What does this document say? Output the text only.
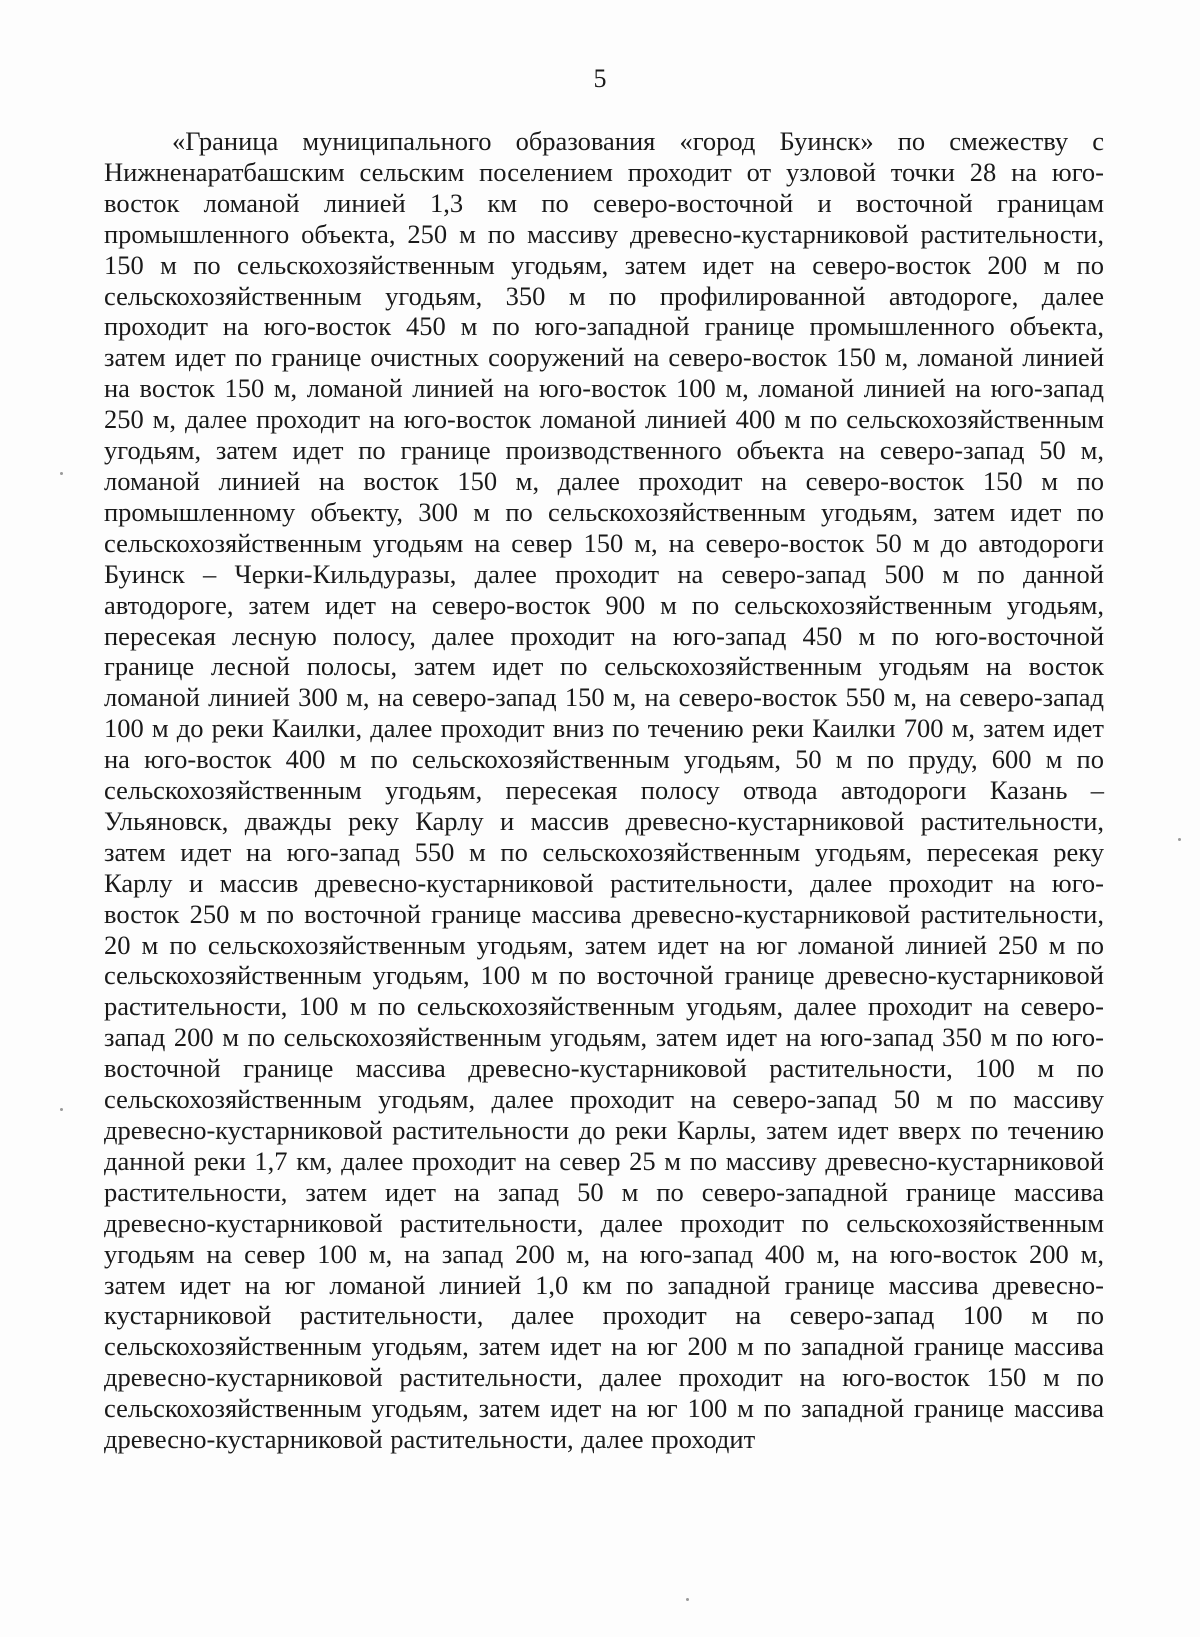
5

«Граница муниципального образования «город Буинск» по смежеству с Нижненаратбашским сельским поселением проходит от узловой точки 28 на юго-восток ломаной линией 1,3 км по северо-восточной и восточной границам промышленного объекта, 250 м по массиву древесно-кустарниковой растительности, 150 м по сельскохозяйственным угодьям, затем идет на северо-восток 200 м по сельскохозяйственным угодьям, 350 м по профилированной автодороге, далее проходит на юго-восток 450 м по юго-западной границе промышленного объекта, затем идет по границе очистных сооружений на северо-восток 150 м, ломаной линией на восток 150 м, ломаной линией на юго-восток 100 м, ломаной линией на юго-запад 250 м, далее проходит на юго-восток ломаной линией 400 м по сельскохозяйственным угодьям, затем идет по границе производственного объекта на северо-запад 50 м, ломаной линией на восток 150 м, далее проходит на северо-восток 150 м по промышленному объекту, 300 м по сельскохозяйственным угодьям, затем идет по сельскохозяйственным угодьям на север 150 м, на северо-восток 50 м до автодороги Буинск – Черки-Кильдуразы, далее проходит на северо-запад 500 м по данной автодороге, затем идет на северо-восток 900 м по сельскохозяйственным угодьям, пересекая лесную полосу, далее проходит на юго-запад 450 м по юго-восточной границе лесной полосы, затем идет по сельскохозяйственным угодьям на восток ломаной линией 300 м, на северо-запад 150 м, на северо-восток 550 м, на северо-запад 100 м до реки Каилки, далее проходит вниз по течению реки Каилки 700 м, затем идет на юго-восток 400 м по сельскохозяйственным угодьям, 50 м по пруду, 600 м по сельскохозяйственным угодьям, пересекая полосу отвода автодороги Казань – Ульяновск, дважды реку Карлу и массив древесно-кустарниковой растительности, затем идет на юго-запад 550 м по сельскохозяйственным угодьям, пересекая реку Карлу и массив древесно-кустарниковой растительности, далее проходит на юго-восток 250 м по восточной границе массива древесно-кустарниковой растительности, 20 м по сельскохозяйственным угодьям, затем идет на юг ломаной линией 250 м по сельскохозяйственным угодьям, 100 м по восточной границе древесно-кустарниковой растительности, 100 м по сельскохозяйственным угодьям, далее проходит на северо-запад 200 м по сельскохозяйственным угодьям, затем идет на юго-запад 350 м по юго-восточной границе массива древесно-кустарниковой растительности, 100 м по сельскохозяйственным угодьям, далее проходит на северо-запад 50 м по массиву древесно-кустарниковой растительности до реки Карлы, затем идет вверх по течению данной реки 1,7 км, далее проходит на север 25 м по массиву древесно-кустарниковой растительности, затем идет на запад 50 м по северо-западной границе массива древесно-кустарниковой растительности, далее проходит по сельскохозяйственным угодьям на север 100 м, на запад 200 м, на юго-запад 400 м, на юго-восток 200 м, затем идет на юг ломаной линией 1,0 км по западной границе массива древесно-кустарниковой растительности, далее проходит на северо-запад 100 м по сельскохозяйственным угодьям, затем идет на юг 200 м по западной границе массива древесно-кустарниковой растительности, далее проходит на юго-восток 150 м по сельскохозяйственным угодьям, затем идет на юг 100 м по западной границе массива древесно-кустарниковой растительности, далее проходит
